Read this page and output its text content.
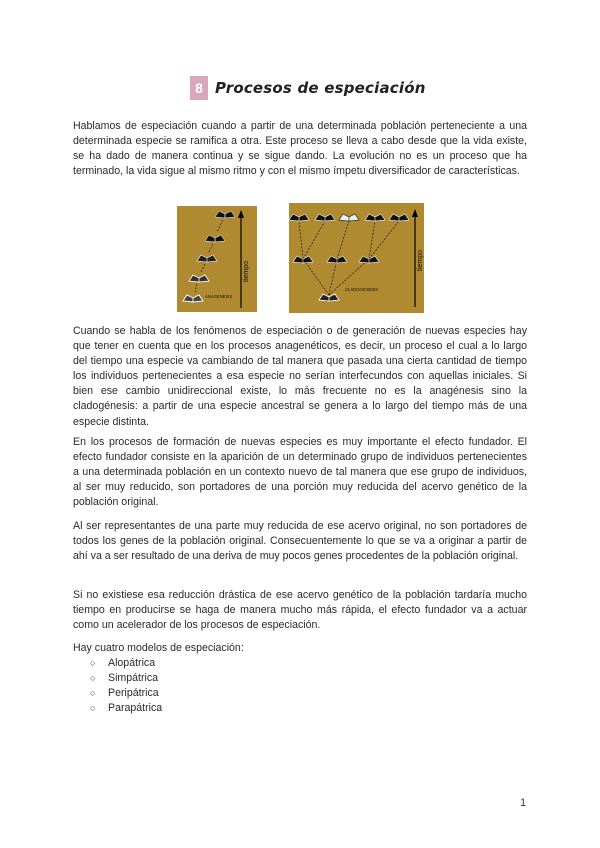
8 Procesos de especiación

Hablamos de especiación cuando a partir de una determinada población perteneciente a una determinada especie se ramifica a otra. Este proceso se lleva a cabo desde que la vida existe, se ha dado de manera continua y se sigue dando. La evolución no es un proceso que ha terminado, la vida sigue al mismo ritmo y con el mismo ímpetu diversificador de características.

ANAGENESIS
tiempo
CLADOGENESIS
tiempo

Cuando se habla de los fenómenos de especiación o de generación de nuevas especies hay que tener en cuenta que en los procesos anagenéticos, es decir, un proceso el cual a lo largo del tiempo una especie va cambiando de tal manera que pasada una cierta cantidad de tiempo los individuos pertenecientes a esa especie no serían interfecundos con aquellas iniciales. Si bien ese cambio unidireccional existe, lo más frecuente no es la anagénesis sino la cladogénesis: a partir de una especie ancestral se genera a lo largo del tiempo más de una especie distinta.

En los procesos de formación de nuevas especies es muy importante el efecto fundador. El efecto fundador consiste en la aparición de un determinado grupo de individuos pertenecientes a una determinada población en un contexto nuevo de tal manera que ese grupo de individuos, al ser muy reducido, son portadores de una porción muy reducida del acervo genético de la población original.

Al ser representantes de una parte muy reducida de ese acervo original, no son portadores de todos los genes de la población original. Consecuentemente lo que se va a originar a partir de ahí va a ser resultado de una deriva de muy pocos genes procedentes de la población original.

Si no existiese esa reducción drástica de ese acervo genético de la población tardaría mucho tiempo en producirse se haga de manera mucho más rápida, el efecto fundador va a actuar como un acelerador de los procesos de especiación.

Hay cuatro modelos de especiación:

○ Alopátrica
○ Simpátrica
○ Peripátrica
○ Parapátrica
1
